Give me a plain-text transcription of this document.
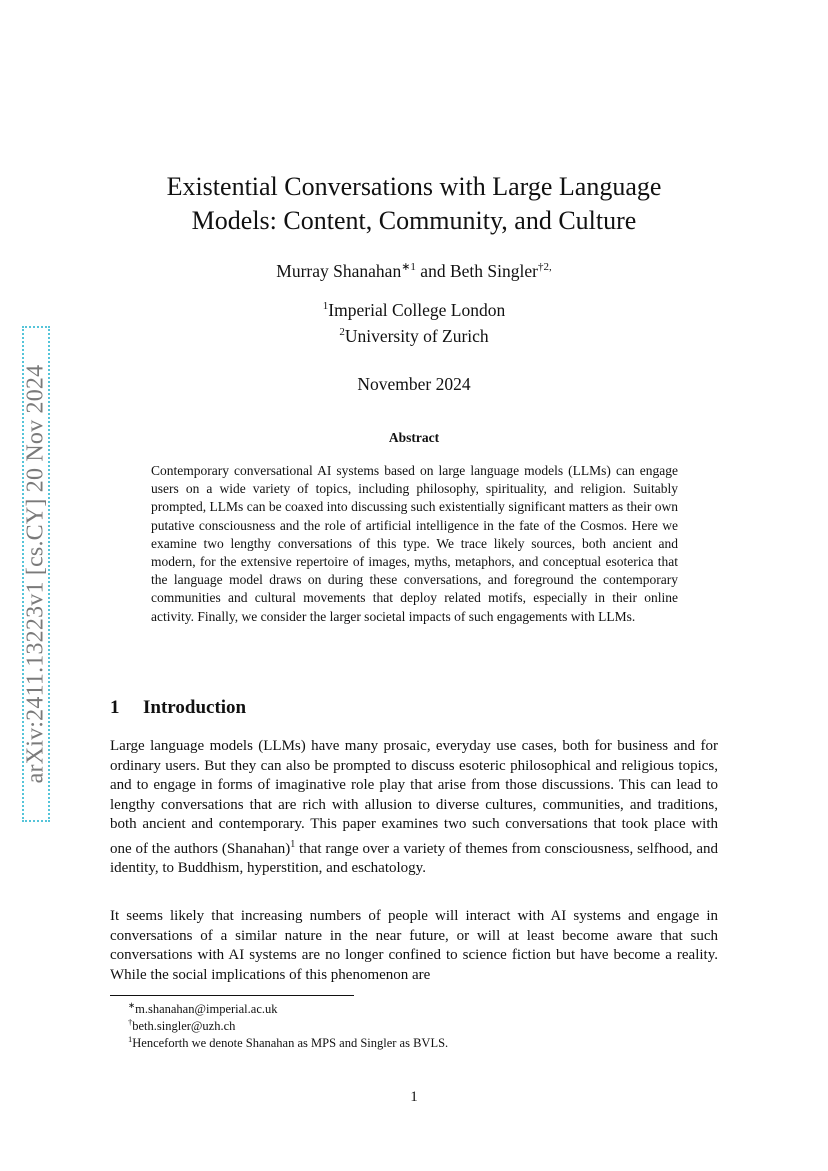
arXiv:2411.13223v1 [cs.CY] 20 Nov 2024
Existential Conversations with Large Language
Models: Content, Community, and Culture
Murray Shanahan$^{∗1}$ and Beth Singler$^{\dagger 2,}$
$^1$Imperial College London
$^2$University of Zurich
November 2024
Abstract
Contemporary conversational AI systems based on large language models (LLMs) can engage users on a wide variety of topics, including philosophy, spirituality, and religion. Suitably prompted, LLMs can be coaxed into discussing such existentially significant matters as their own putative consciousness and the role of artificial intelligence in the fate of the Cosmos. Here we examine two lengthy conversations of this type. We trace likely sources, both ancient and modern, for the extensive repertoire of images, myths, metaphors, and conceptual esoterica that the language model draws on during these conversations, and foreground the contemporary communities and cultural movements that deploy related motifs, especially in their online activity. Finally, we consider the larger societal impacts of such engagements with LLMs.
1 Introduction
Large language models (LLMs) have many prosaic, everyday use cases, both for business and for ordinary users. But they can also be prompted to discuss esoteric philosophical and religious topics, and to engage in forms of imaginative role play that arise from those discussions. This can lead to lengthy conversations that are rich with allusion to diverse cultures, communities, and traditions, both ancient and contemporary. This paper examines two such conversations that took place with one of the authors (Shanahan)$^1$ that range over a variety of themes from consciousness, selfhood, and identity, to Buddhism, hyperstition, and eschatology.
It seems likely that increasing numbers of people will interact with AI systems and engage in conversations of a similar nature in the near future, or will at least become aware that such conversations with AI systems are no longer confined to science fiction but have become a reality. While the social implications of this phenomenon are
∗m.shanahan@imperial.ac.uk
†beth.singler@uzh.ch
$^1$Henceforth we denote Shanahan as MPS and Singler as BVLS.
1
